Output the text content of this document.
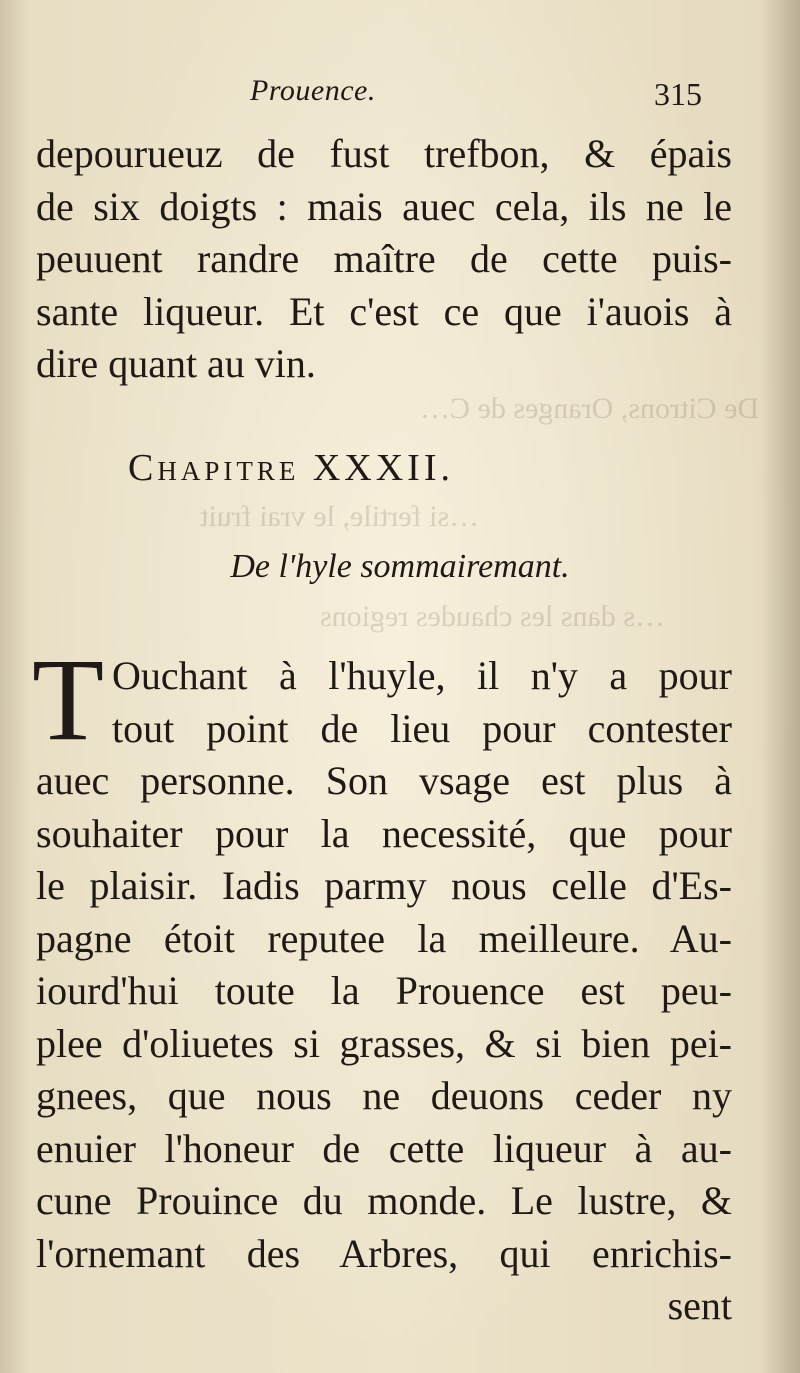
De Citrons, Oranges de C…
…si fertile, le vrai fruit
…s dans les chaudes regions
Prouence.	315
depourueuz de fust trefbon, & épais
de six doigts : mais auec cela, ils ne le
peuuent randre maître de cette puis-
sante liqueur. Et c'est ce que i'auois à
dire quant au vin.
Chapitre XXXII.
De l'hyle sommairemant.
T Ouchant à l'huyle, il n'y a pour
tout point de lieu pour contester
auec personne. Son vsage est plus à
souhaiter pour la necessité, que pour
le plaisir. Iadis parmy nous celle d'Es-
pagne étoit reputee la meilleure. Au-
iourd'hui toute la Prouence est peu-
plee d'oliuetes si grasses, & si bien pei-
gnees, que nous ne deuons ceder ny
enuier l'honeur de cette liqueur à au-
cune Prouince du monde. Le lustre, &
l'ornemant des Arbres, qui enrichis-
sent
